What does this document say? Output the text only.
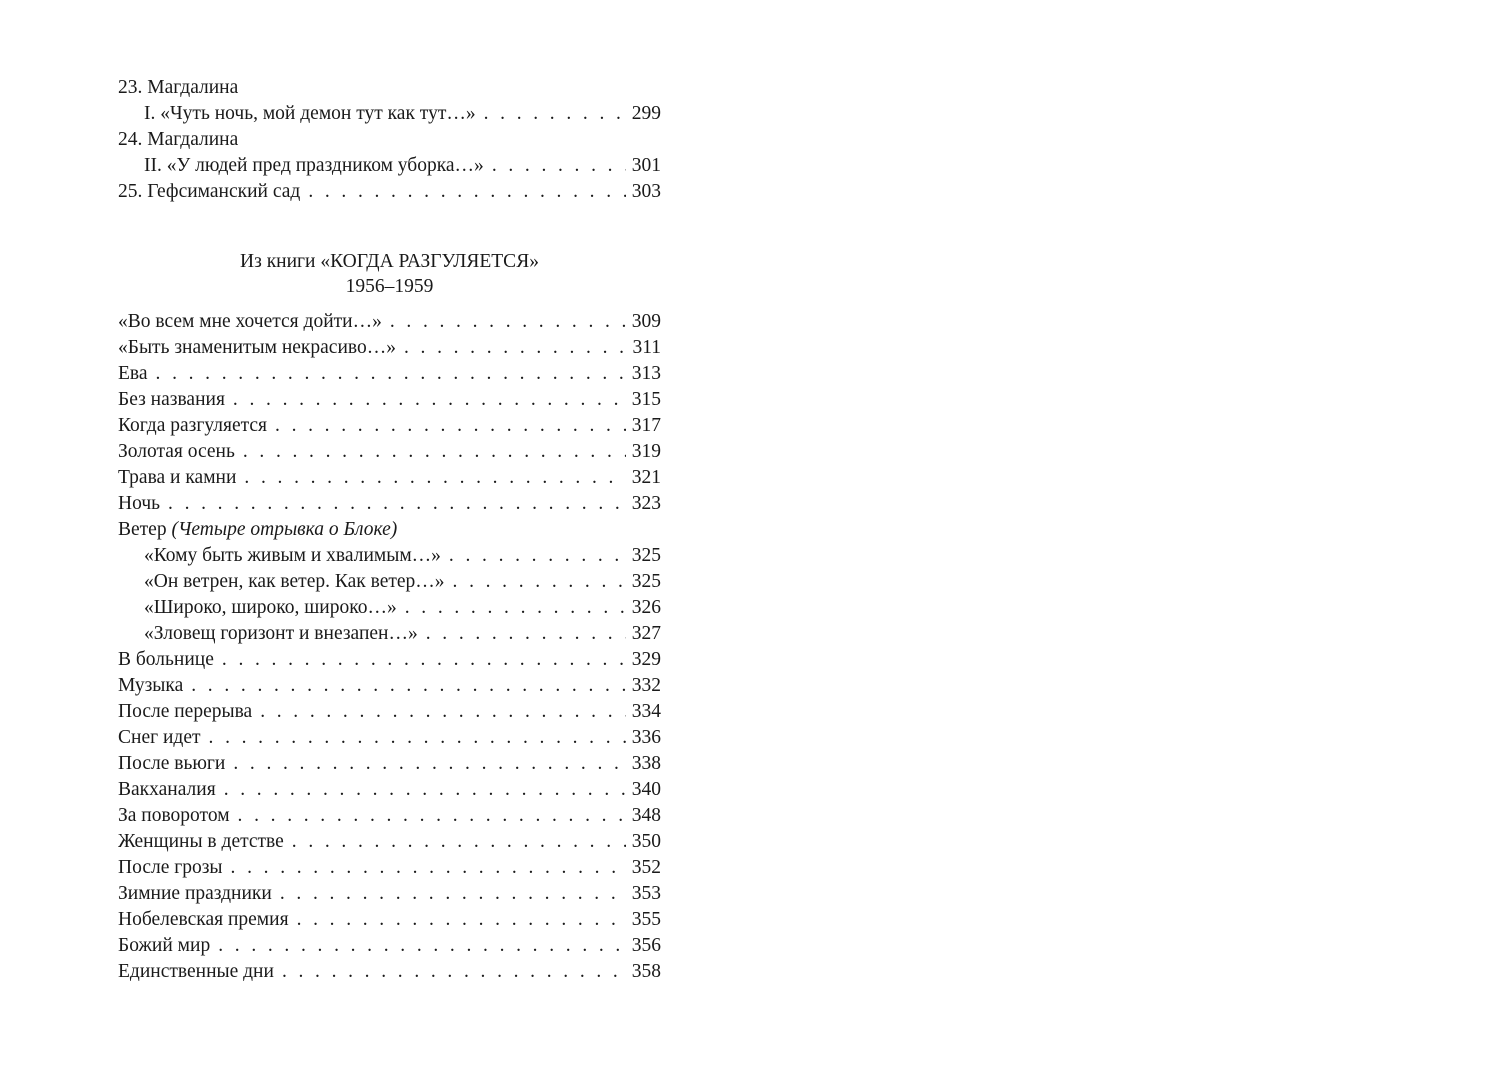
23. Магдалина
I. «Чуть ночь, мой демон тут как тут…» . . .	299
24. Магдалина
II. «У людей пред праздником уборка…» . . .	301
25. Гефсиманский сад . . .	303
Из книги «КОГДА РАЗГУЛЯЕТСЯ»
1956–1959
«Во всем мне хочется дойти…» . . .	309
«Быть знаменитым некрасиво…» . . .	311
Ева . . .	313
Без названия . . .	315
Когда разгуляется . . .	317
Золотая осень . . .	319
Трава и камни . . .	321
Ночь . . .	323
Ветер (Четыре отрывка о Блоке)
«Кому быть живым и хвалимым…» . . .	325
«Он ветрен, как ветер. Как ветер…» . . .	325
«Широко, широко, широко…» . . .	326
«Зловещ горизонт и внезапен…» . . .	327
В больнице . . .	329
Музыка . . .	332
После перерыва . . .	334
Снег идет . . .	336
После вьюги . . .	338
Вакханалия . . .	340
За поворотом . . .	348
Женщины в детстве . . .	350
После грозы . . .	352
Зимние праздники . . .	353
Нобелевская премия . . .	355
Божий мир . . .	356
Единственные дни . . .	358
